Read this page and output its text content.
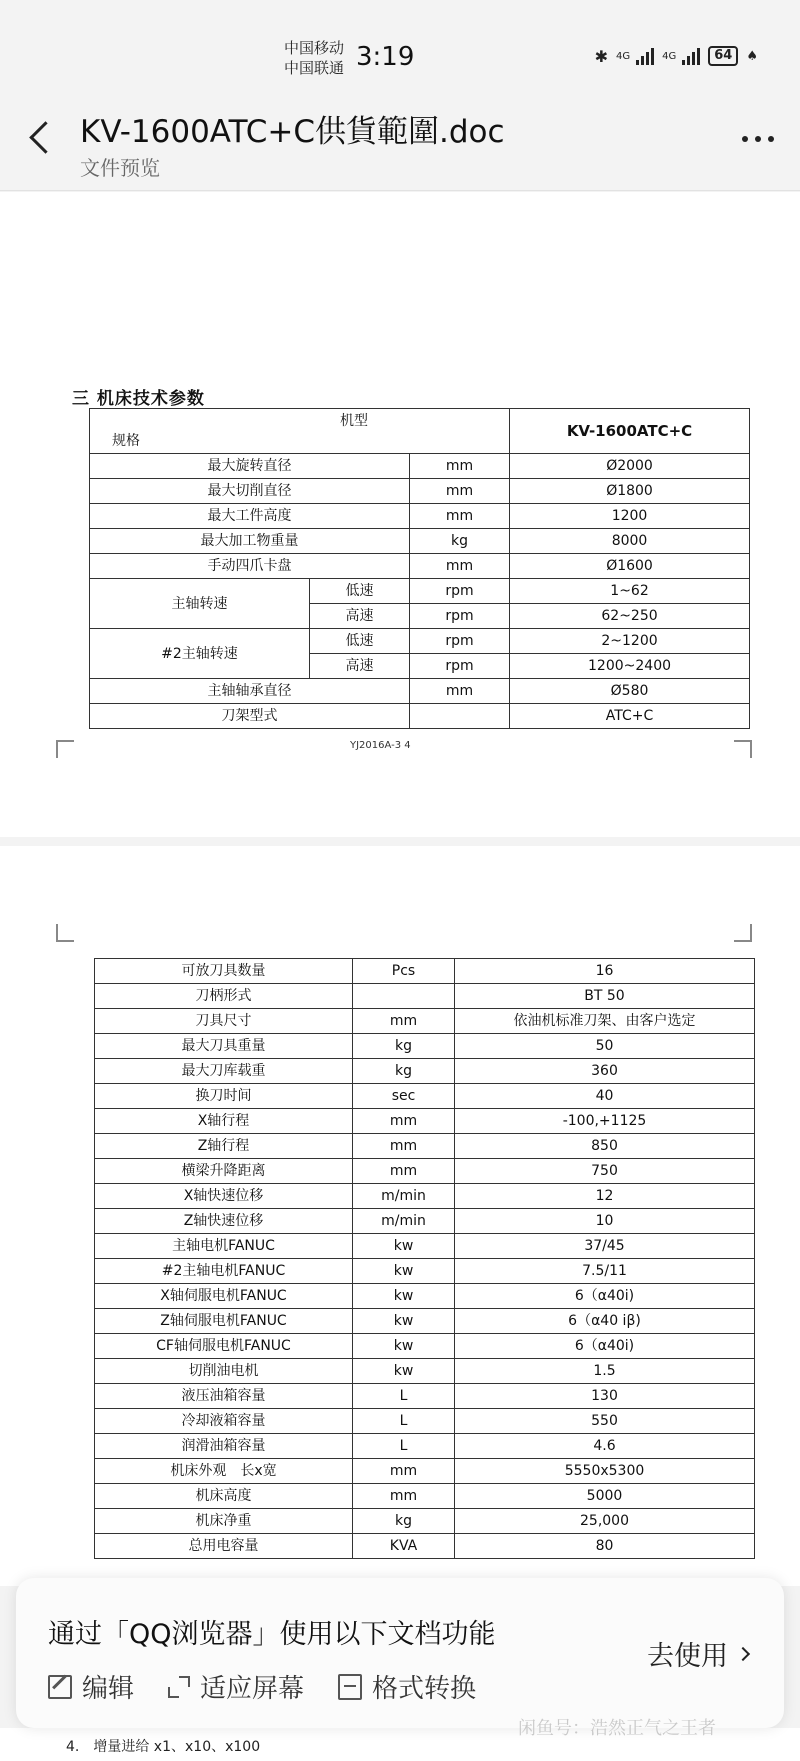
中国移动
中国联通 3:19	✱ 4G	4G	64	♠
KV-1600ATC+C供貨範圍.doc
文件预览
三 机床技术参数
机型
规格			KV-1600ATC+C
最大旋转直径		mm	Ø2000
最大切削直径		mm	Ø1800
最大工件高度		mm	1200
最大加工物重量		kg	8000
手动四爪卡盘		mm	Ø1600
主轴转速	低速	rpm	1~62
	高速	rpm	62~250
#2主轴转速	低速	rpm	2~1200
	高速	rpm	1200~2400
主轴轴承直径		mm	Ø580
刀架型式			ATC+C
YJ2016A-3 4
可放刀具数量	Pcs	16
刀柄形式		BT 50
刀具尺寸	mm	依油机标准刀架、由客户选定
最大刀具重量	kg	50
最大刀库载重	kg	360
换刀时间	sec	40
X轴行程	mm	-100,+1125
Z轴行程	mm	850
横梁升降距离	mm	750
X轴快速位移	m/min	12
Z轴快速位移	m/min	10
主轴电机FANUC	kw	37/45
#2主轴电机FANUC	kw	7.5/11
X轴伺服电机FANUC	kw	6（α40i)
Z轴伺服电机FANUC	kw	6（α40 iβ)
CF轴伺服电机FANUC	kw	6（α40i)
切削油电机	kw	1.5
液压油箱容量	L	130
冷却液箱容量	L	550
润滑油箱容量	L	4.6
机床外观　长x宽	mm	5550x5300
机床高度	mm	5000
机床净重	kg	25,000
总用电容量	KVA	80
4.　增量进给 x1、x10、x100
通过「QQ浏览器」使用以下文档功能
编辑	适应屏幕	格式转换
去使用
闲鱼号：浩然正气之王者
